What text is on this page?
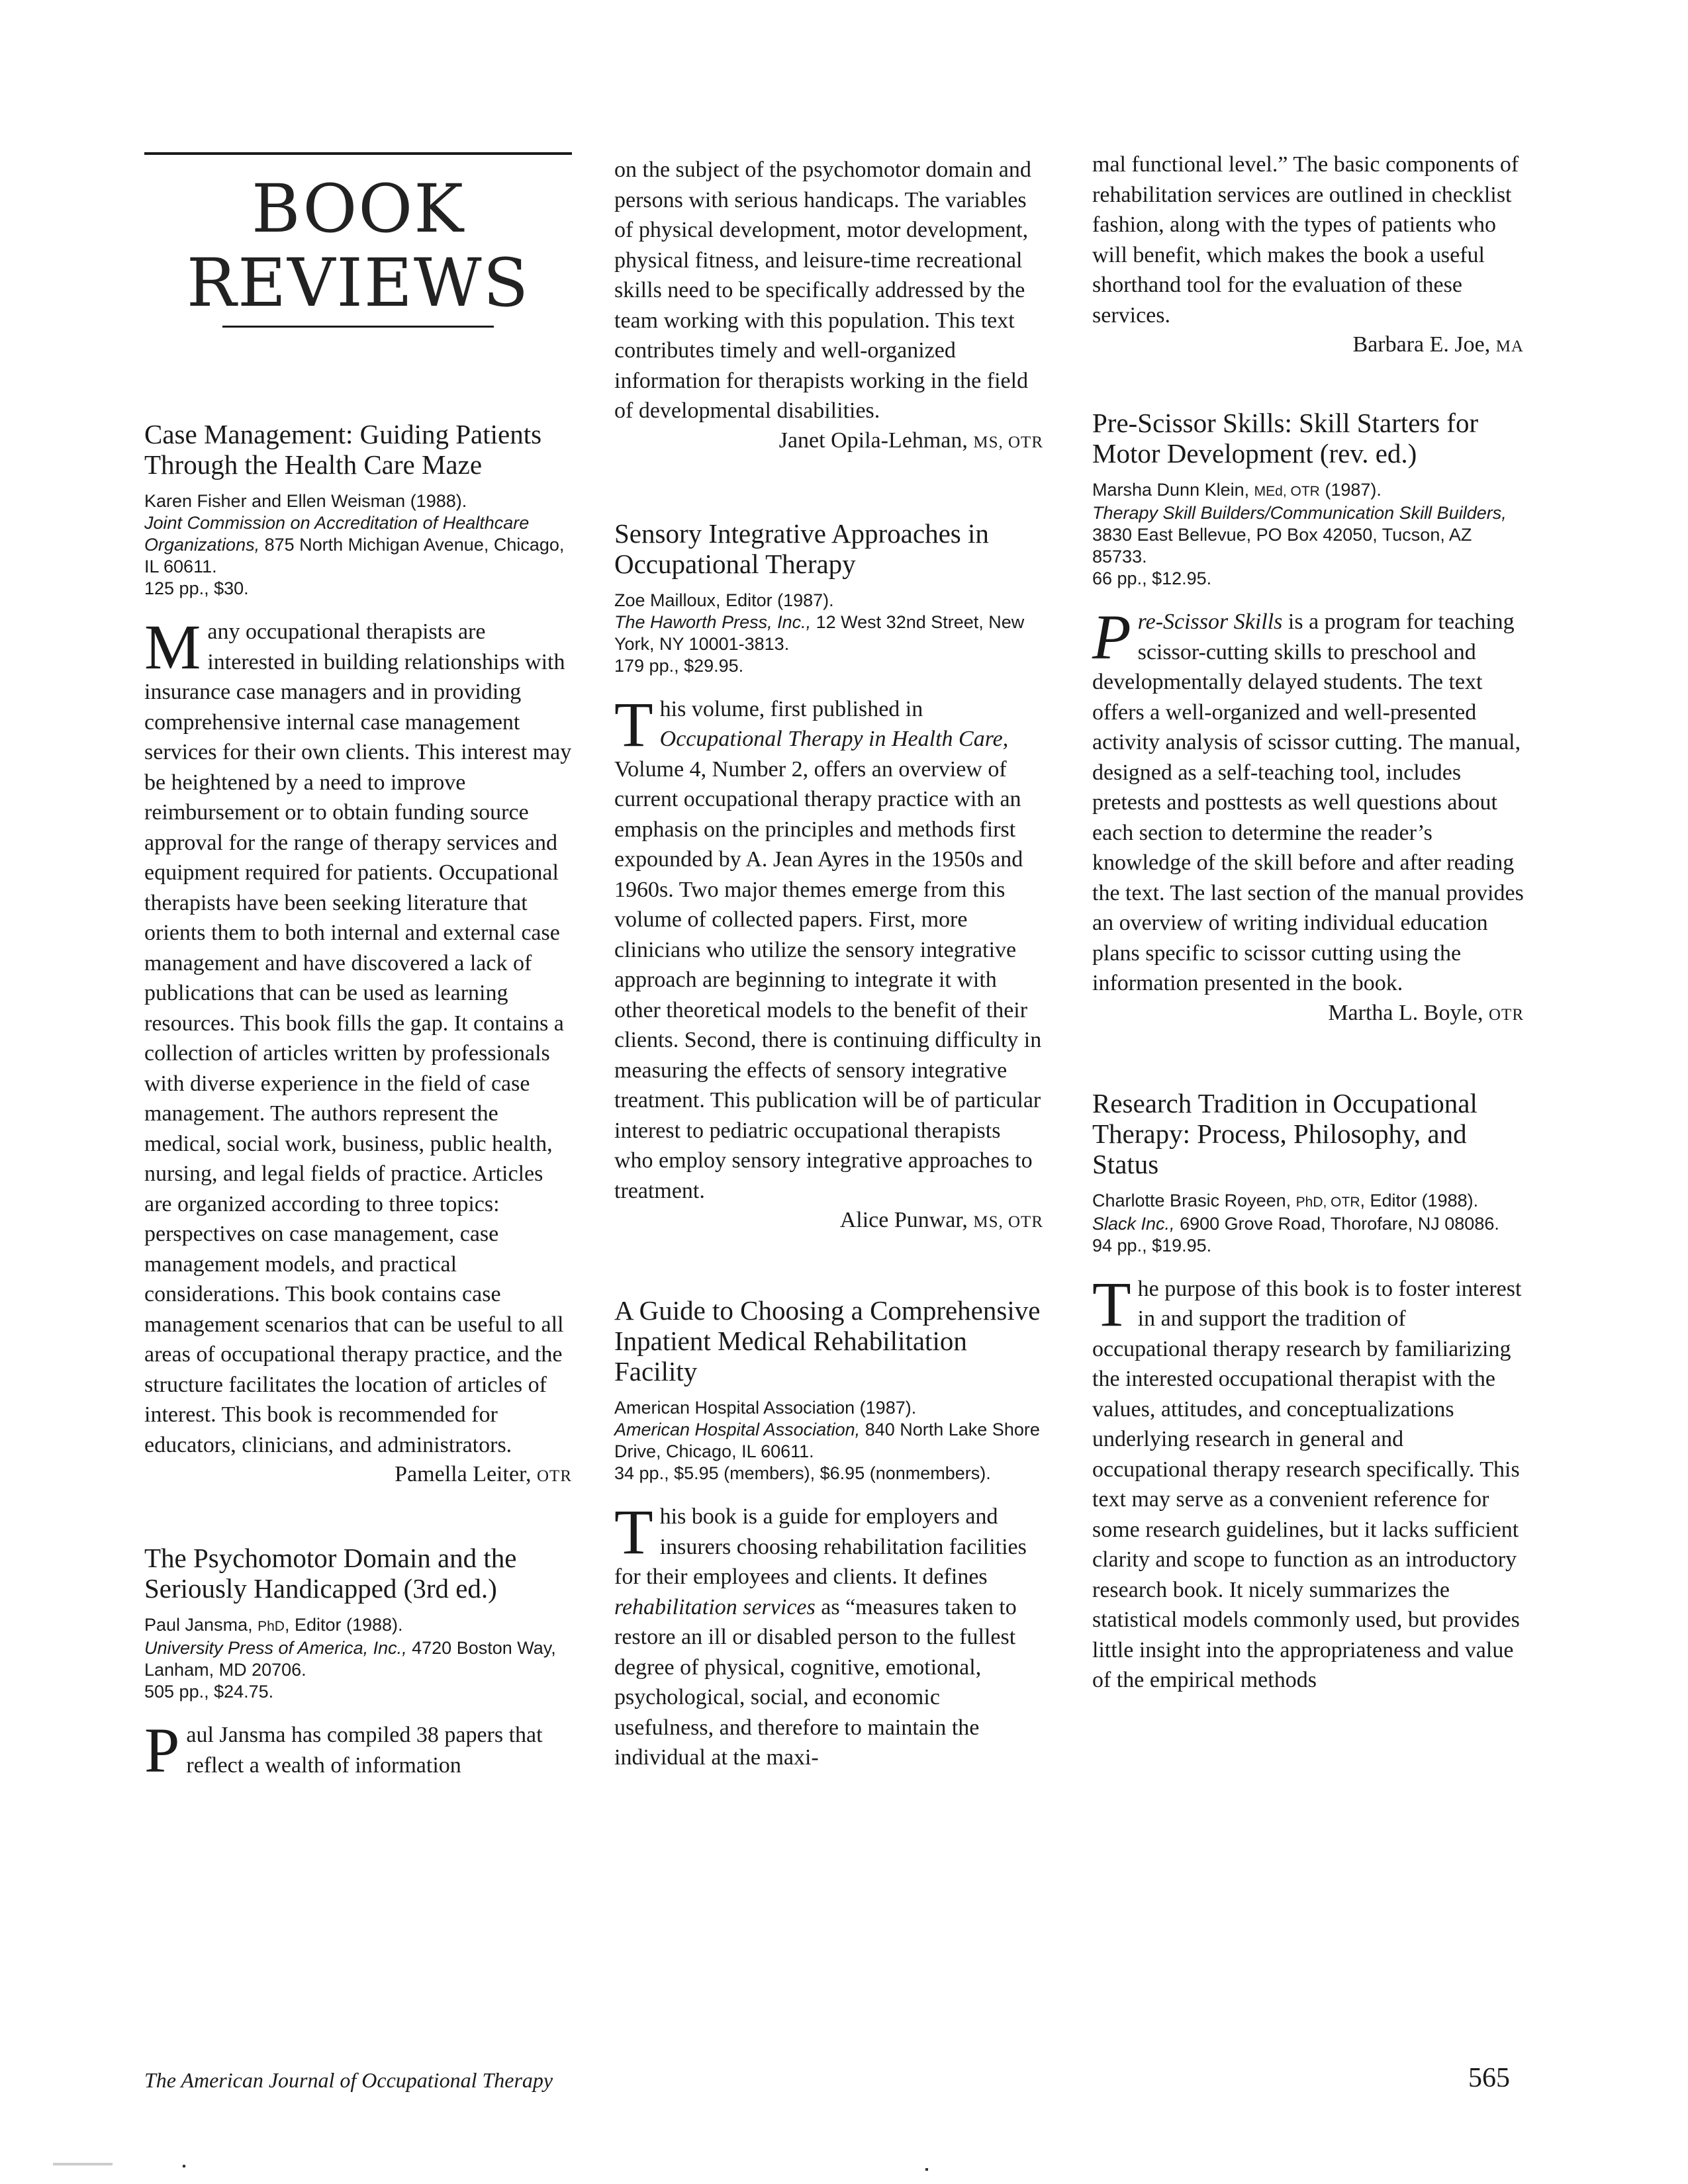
BOOK
REVIEWS
Case Management: Guiding Patients Through the Health Care Maze

Karen Fisher and Ellen Weisman (1988).
Joint Commission on Accreditation of Healthcare Organizations, 875 North Michigan Avenue, Chicago, IL 60611.
125 pp., $30.

Many occupational therapists are interested in building relationships with insurance case managers and in providing comprehensive internal case management services for their own clients. This interest may be heightened by a need to improve reimbursement or to obtain funding source approval for the range of therapy services and equipment required for patients. Occupational therapists have been seeking literature that orients them to both internal and external case management and have discovered a lack of publications that can be used as learning resources. This book fills the gap. It contains a collection of articles written by professionals with diverse experience in the field of case management. The authors represent the medical, social work, business, public health, nursing, and legal fields of practice. Articles are organized according to three topics: perspectives on case management, case management models, and practical considerations. This book contains case management scenarios that can be useful to all areas of occupational therapy practice, and the structure facilitates the location of articles of interest. This book is recommended for educators, clinicians, and administrators.

Pamella Leiter, OTR

The Psychomotor Domain and the Seriously Handicapped (3rd ed.)

Paul Jansma, PhD, Editor (1988).
University Press of America, Inc., 4720 Boston Way, Lanham, MD 20706.
505 pp., $24.75.

Paul Jansma has compiled 38 papers that reflect a wealth of information

on the subject of the psychomotor domain and persons with serious handicaps. The variables of physical development, motor development, physical fitness, and leisure-time recreational skills need to be specifically addressed by the team working with this population. This text contributes timely and well-organized information for therapists working in the field of developmental disabilities.

Janet Opila-Lehman, MS, OTR

Sensory Integrative Approaches in Occupational Therapy

Zoe Mailloux, Editor (1987).
The Haworth Press, Inc., 12 West 32nd Street, New York, NY 10001-3813.
179 pp., $29.95.

This volume, first published in Occupational Therapy in Health Care, Volume 4, Number 2, offers an overview of current occupational therapy practice with an emphasis on the principles and methods first expounded by A. Jean Ayres in the 1950s and 1960s. Two major themes emerge from this volume of collected papers. First, more clinicians who utilize the sensory integrative approach are beginning to integrate it with other theoretical models to the benefit of their clients. Second, there is continuing difficulty in measuring the effects of sensory integrative treatment. This publication will be of particular interest to pediatric occupational therapists who employ sensory integrative approaches to treatment.

Alice Punwar, MS, OTR

A Guide to Choosing a Comprehensive Inpatient Medical Rehabilitation Facility

American Hospital Association (1987).
American Hospital Association, 840 North Lake Shore Drive, Chicago, IL 60611.
34 pp., $5.95 (members), $6.95 (nonmembers).

This book is a guide for employers and insurers choosing rehabilitation facilities for their employees and clients. It defines rehabilitation services as “measures taken to restore an ill or disabled person to the fullest degree of physical, cognitive, emotional, psychological, social, and economic usefulness, and therefore to maintain the individual at the maxi-

mal functional level.” The basic components of rehabilitation services are outlined in checklist fashion, along with the types of patients who will benefit, which makes the book a useful shorthand tool for the evaluation of these services.

Barbara E. Joe, MA

Pre-Scissor Skills: Skill Starters for Motor Development (rev. ed.)

Marsha Dunn Klein, MEd, OTR (1987).
Therapy Skill Builders/Communication Skill Builders, 3830 East Bellevue, PO Box 42050, Tucson, AZ 85733.
66 pp., $12.95.

Pre-Scissor Skills is a program for teaching scissor-cutting skills to preschool and developmentally delayed students. The text offers a well-organized and well-presented activity analysis of scissor cutting. The manual, designed as a self-teaching tool, includes pretests and posttests as well questions about each section to determine the reader’s knowledge of the skill before and after reading the text. The last section of the manual provides an overview of writing individual education plans specific to scissor cutting using the information presented in the book.

Martha L. Boyle, OTR

Research Tradition in Occupational Therapy: Process, Philosophy, and Status

Charlotte Brasic Royeen, PhD, OTR, Editor (1988).
Slack Inc., 6900 Grove Road, Thorofare, NJ 08086.
94 pp., $19.95.

The purpose of this book is to foster interest in and support the tradition of occupational therapy research by familiarizing the interested occupational therapist with the values, attitudes, and conceptualizations underlying research in general and occupational therapy research specifically. This text may serve as a convenient reference for some research guidelines, but it lacks sufficient clarity and scope to function as an introductory research book. It nicely summarizes the statistical models commonly used, but provides little insight into the appropriateness and value of the empirical methods

The American Journal of Occupational Therapy	565
